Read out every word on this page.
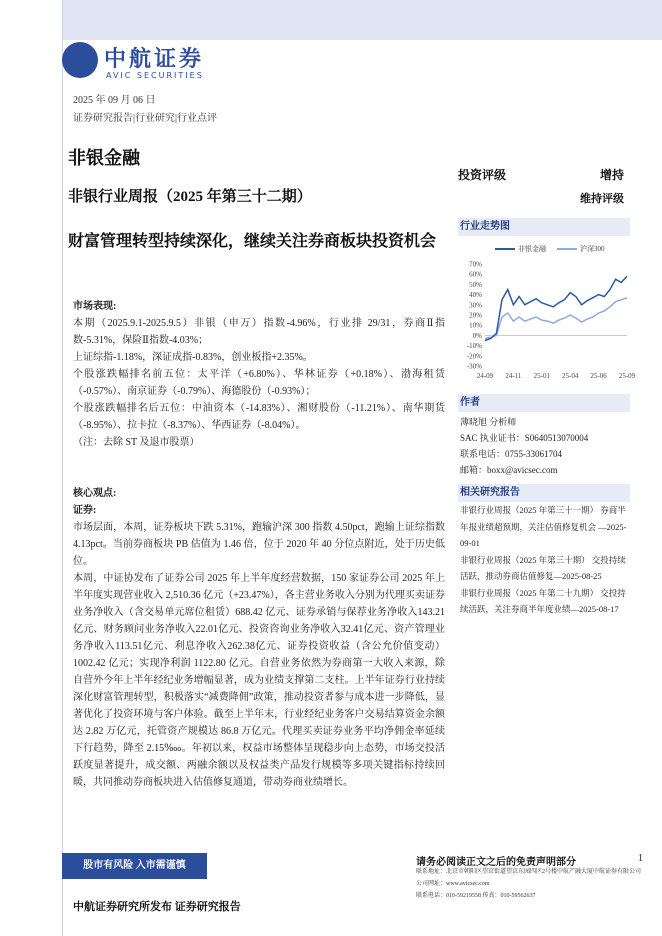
中航证券
AVIC SECURITIES
2025 年 09 月 06 日
证券研究报告|行业研究|行业点评
非银金融
非银行业周报（2025 年第三十二期）
财富管理转型持续深化，继续关注券商板块投资机会

市场表现:

本期（2025.9.1-2025.9.5）非银（申万）指数-4.96%，行业排 29/31，券商Ⅱ指数-5.31%，保险Ⅱ指数-4.03%；

上证综指-1.18%，深证成指-0.83%，创业板指+2.35%。

个股涨跌幅排名前五位：太平洋（+6.80%）、华林证券（+0.18%）、渤海租赁（-0.57%）、南京证券（-0.79%）、海德股份（-0.93%）；

个股涨跌幅排名后五位：中油资本（-14.83%）、湘财股份（-11.21%）、南华期货（-8.95%）、拉卡拉（-8.37%）、华西证券（-8.04%）。

（注：去除 ST 及退市股票）

核心观点:

证券:

市场层面，本周，证券板块下跌 5.31%，跑输沪深 300 指数 4.50pct，跑输上证综指数 4.13pct。当前券商板块 PB 估值为 1.46 倍，位于 2020 年 40 分位点附近，处于历史低位。

本周，中证协发布了证券公司 2025 年上半年度经营数据，150 家证券公司 2025 年上半年度实现营业收入 2,510.36 亿元（+23.47%），各主营业务收入分别为代理买卖证券业务净收入（含交易单元席位租赁）688.42 亿元、证券承销与保荐业务净收入143.21亿元、财务顾问业务净收入22.01亿元、投资咨询业务净收入32.41亿元、资产管理业务净收入113.51亿元、利息净收入262.38亿元、证券投资收益（含公允价值变动）1002.42 亿元；实现净利润 1122.80 亿元。自营业务依然为券商第一大收入来源，除自营外今年上半年经纪业务增幅显著，成为业绩支撑第二支柱。上半年证券行业持续深化财富管理转型，积极落实“减费降佣”政策，推动投资者参与成本进一步降低，显著优化了投资环境与客户体验。截至上半年末，行业经纪业务客户交易结算资金余额达 2.82 万亿元，托管资产规模达 86.8 万亿元。代理买卖证券业务平均净佣金率延续下行趋势，降至 2.15‱。年初以来，权益市场整体呈现稳步向上态势，市场交投活跃度显著提升，成交额、两融余额以及权益类产品发行规模等多项关键指标持续回暖，共同推动券商板块进入估值修复通道，带动券商业绩增长。

投资评级	增持
维持评级
行业走势图
非银金融	沪深300
70%
60%
50%
40%
30%
20%
10%
0%
-10%
-20%
-30%
24-09 24-11 25-01 25-04 25-06 25-09
作者
薄晓旭 分析师
SAC 执业证书：S0640513070004
联系电话：0755-33061704
邮箱：boxx@avicsec.com
相关研究报告
非银行业周报（2025 年第三十一期） 券商半年报业绩超预期，关注估值修复机会 —2025-09-01
非银行业周报（2025 年第三十期） 交投持续活跃，推动券商估值修复—2025-08-25
非银行业周报（2025 年第二十九期） 交投持续活跃，关注券商半年度业绩—2025-08-17
股市有风险 入市需谨慎	请务必阅读正文之后的免责声明部分	1
联系地址：北京市朝阳区望京街道望京东园四区2号楼中航产融大厦中航证券有限公司
公司网址：www.avicsec.com
联系电话：010-59219558 传真：010-59562637
中航证券研究所发布 证券研究报告
